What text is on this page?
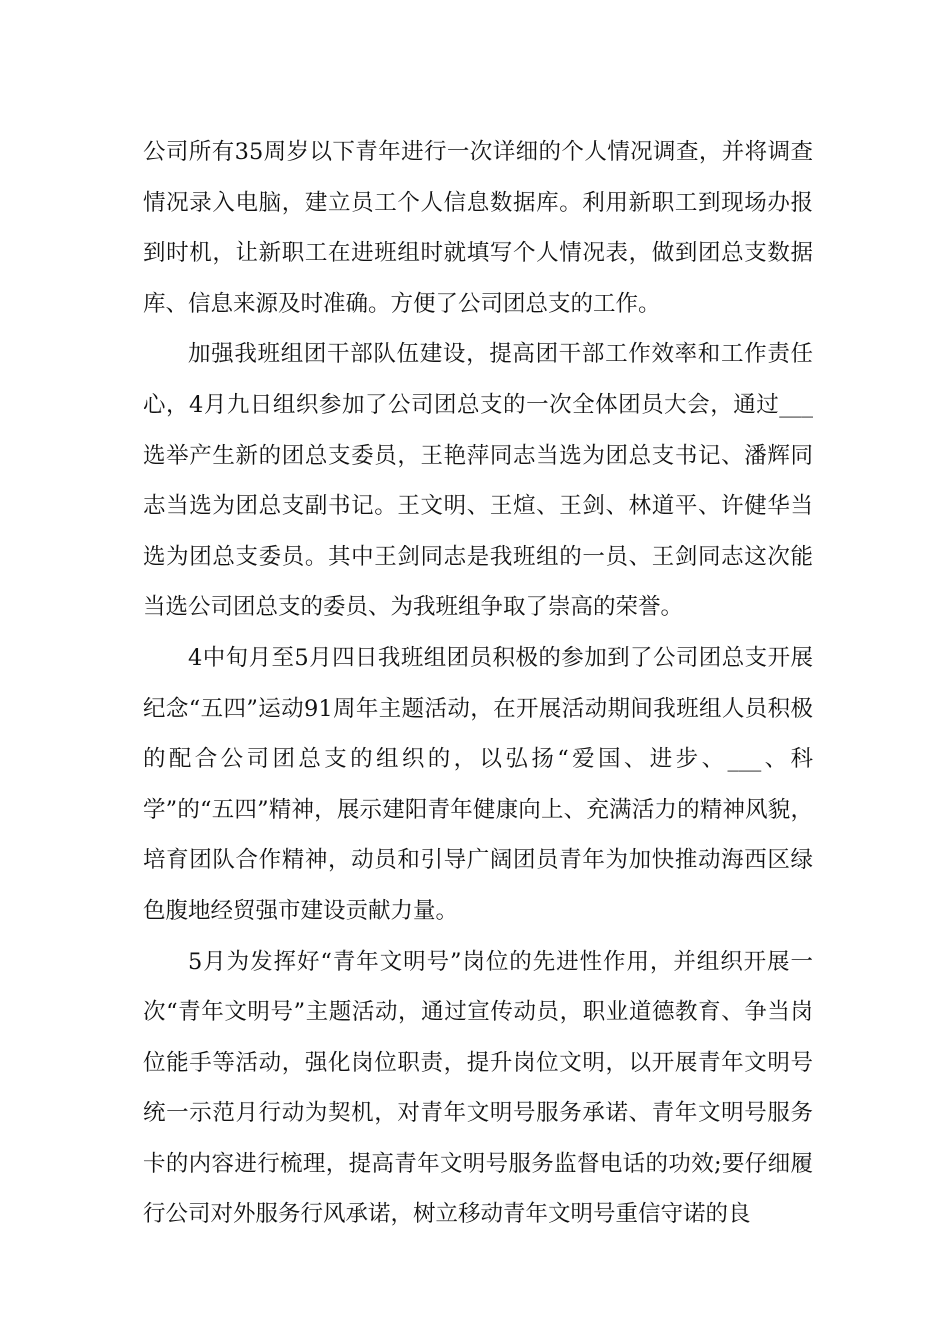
公司所有35周岁以下青年进行一次详细的个人情况调查，并将调查情况录入电脑，建立员工个人信息数据库。利用新职工到现场办报到时机，让新职工在进班组时就填写个人情况表，做到团总支数据库、信息来源及时准确。方便了公司团总支的工作。

加强我班组团干部队伍建设，提高团干部工作效率和工作责任心，4月九日组织参加了公司团总支的一次全体团员大会，通过___选举产生新的团总支委员，王艳萍同志当选为团总支书记、潘辉同志当选为团总支副书记。王文明、王煊、王剑、林道平、许健华当选为团总支委员。其中王剑同志是我班组的一员、王剑同志这次能当选公司团总支的委员、为我班组争取了崇高的荣誉。

4中旬月至5月四日我班组团员积极的参加到了公司团总支开展纪念“五四”运动91周年主题活动，在开展活动期间我班组人员积极的配合公司团总支的组织的，以弘扬“爱国、进步、___、科学”的“五四”精神，展示建阳青年健康向上、充满活力的精神风貌，培育团队合作精神，动员和引导广阔团员青年为加快推动海西区绿色腹地经贸强市建设贡献力量。

5月为发挥好“青年文明号”岗位的先进性作用，并组织开展一次“青年文明号”主题活动，通过宣传动员，职业道德教育、争当岗位能手等活动，强化岗位职责，提升岗位文明，以开展青年文明号统一示范月行动为契机，对青年文明号服务承诺、青年文明号服务卡的内容进行梳理，提高青年文明号服务监督电话的功效;要仔细履行公司对外服务行风承诺，树立移动青年文明号重信守诺的良
